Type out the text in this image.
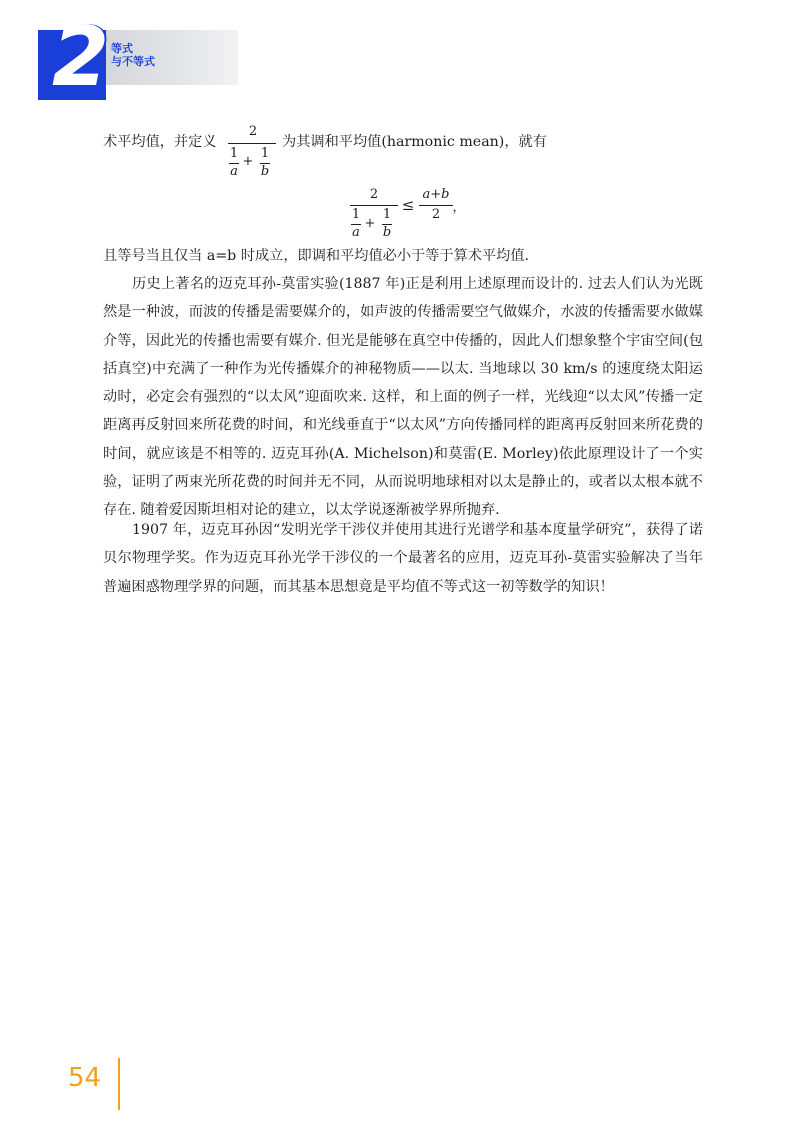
2 等式
与不等式
术平均值，并定义
2
1
a
+
1
b
为其调和平均值(harmonic mean)，就有
2
1
a
+
1
b
≤
a+b
2 ，
且等号当且仅当 a=b 时成立，即调和平均值必小于等于算术平均值.
历史上著名的迈克耳孙-莫雷实验(1887 年)正是利用上述原理而设计的. 过去人们认为光既然是一种波，而波的传播是需要媒介的，如声波的传播需要空气做媒介，水波的传播需要水做媒介等，因此光的传播也需要有媒介. 但光是能够在真空中传播的，因此人们想象整个宇宙空间(包括真空)中充满了一种作为光传播媒介的神秘物质——以太. 当地球以 30 km/s 的速度绕太阳运动时，必定会有强烈的“以太风”迎面吹来. 这样，和上面的例子一样，光线迎“以太风”传播一定距离再反射回来所花费的时间，和光线垂直于“以太风”方向传播同样的距离再反射回来所花费的时间，就应该是不相等的. 迈克耳孙(A. Michelson)和莫雷(E. Morley)依此原理设计了一个实验，证明了两束光所花费的时间并无不同，从而说明地球相对以太是静止的，或者以太根本就不存在. 随着爱因斯坦相对论的建立，以太学说逐渐被学界所抛弃.
1907 年，迈克耳孙因“发明光学干涉仪并使用其进行光谱学和基本度量学研究”，获得了诺贝尔物理学奖。作为迈克耳孙光学干涉仪的一个最著名的应用，迈克耳孙-莫雷实验解决了当年普遍困惑物理学界的问题，而其基本思想竟是平均值不等式这一初等数学的知识！
54
